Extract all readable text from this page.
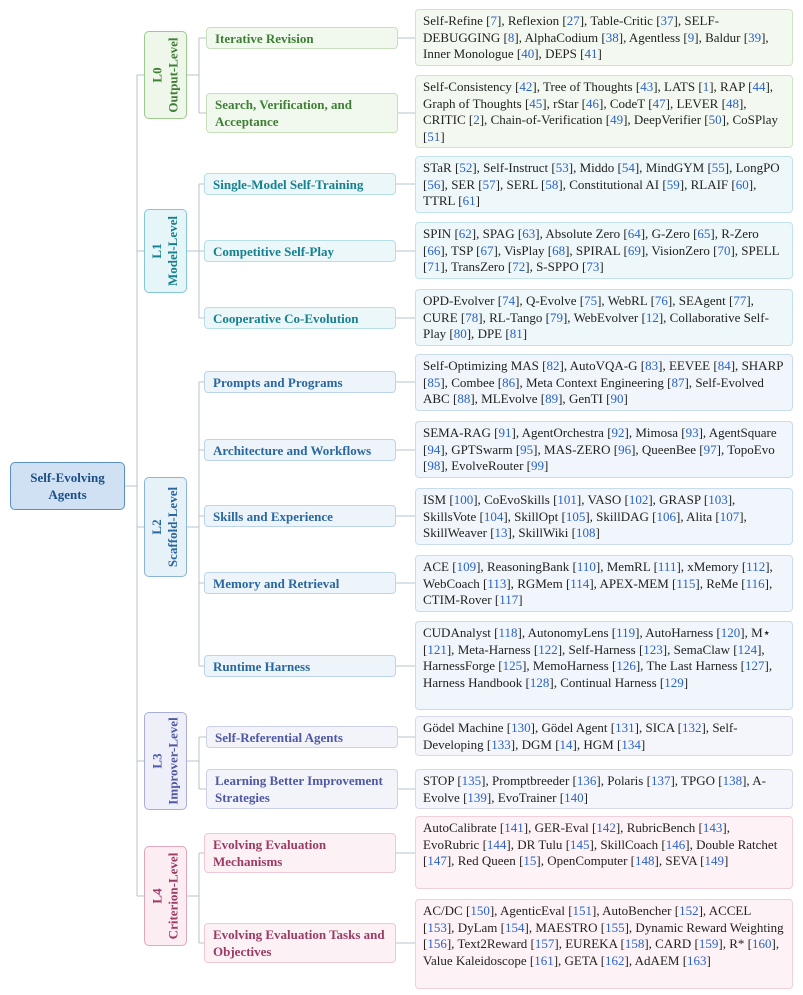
Self-Evolving Agents
L0 Output-Level
L1 Model-Level
L2 Scaffold-Level
L3 Improver-Level
L4 Criterion-Level
Iterative Revision
Search, Verification, and Acceptance
Single-Model Self-Training
Competitive Self-Play
Cooperative Co-Evolution
Prompts and Programs
Architecture and Workflows
Skills and Experience
Memory and Retrieval
Runtime Harness
Self-Referential Agents
Learning Better Improvement Strategies
Evolving Evaluation Mechanisms
Evolving Evaluation Tasks and Objectives
Self-Refine [7], Reflexion [27], Table-Critic [37], SELF-DEBUGGING [8], AlphaCodium [38], Agentless [9], Baldur [39], Inner Monologue [40], DEPS [41]
Self-Consistency [42], Tree of Thoughts [43], LATS [1], RAP [44], Graph of Thoughts [45], rStar [46], CodeT [47], LEVER [48], CRITIC [2], Chain-of-Verification [49], DeepVerifier [50], CoSPlay [51]
STaR [52], Self-Instruct [53], Middo [54], MindGYM [55], LongPO [56], SER [57], SERL [58], Constitutional AI [59], RLAIF [60], TTRL [61]
SPIN [62], SPAG [63], Absolute Zero [64], G-Zero [65], R-Zero [66], TSP [67], VisPlay [68], SPIRAL [69], VisionZero [70], SPELL [71], TransZero [72], S-SPPO [73]
OPD-Evolver [74], Q-Evolve [75], WebRL [76], SEAgent [77], CURE [78], RL-Tango [79], WebEvolver [12], Collaborative Self-Play [80], DPE [81]
Self-Optimizing MAS [82], AutoVQA-G [83], EEVEE [84], SHARP [85], Combee [86], Meta Context Engineering [87], Self-Evolved ABC [88], MLEvolve [89], GenTI [90]
SEMA-RAG [91], AgentOrchestra [92], Mimosa [93], AgentSquare [94], GPTSwarm [95], MAS-ZERO [96], QueenBee [97], TopoEvo [98], EvolveRouter [99]
ISM [100], CoEvoSkills [101], VASO [102], GRASP [103], SkillsVote [104], SkillOpt [105], SkillDAG [106], Alita [107], SkillWeaver [13], SkillWiki [108]
ACE [109], ReasoningBank [110], MemRL [111], xMemory [112], WebCoach [113], RGMem [114], APEX-MEM [115], ReMe [116], CTIM-Rover [117]
CUDAnalyst [118], AutonomyLens [119], AutoHarness [120], M⋆ [121], Meta-Harness [122], Self-Harness [123], SemaClaw [124], HarnessForge [125], MemoHarness [126], The Last Harness [127], Harness Handbook [128], Continual Harness [129]
Gödel Machine [130], Gödel Agent [131], SICA [132], Self-Developing [133], DGM [14], HGM [134]
STOP [135], Promptbreeder [136], Polaris [137], TPGO [138], A-Evolve [139], EvoTrainer [140]
AutoCalibrate [141], GER-Eval [142], RubricBench [143], EvoRubric [144], DR Tulu [145], SkillCoach [146], Double Ratchet [147], Red Queen [15], OpenComputer [148], SEVA [149]
AC/DC [150], AgenticEval [151], AutoBencher [152], ACCEL [153], DyLam [154], MAESTRO [155], Dynamic Reward Weighting [156], Text2Reward [157], EUREKA [158], CARD [159], R* [160], Value Kaleidoscope [161], GETA [162], AdAEM [163]
